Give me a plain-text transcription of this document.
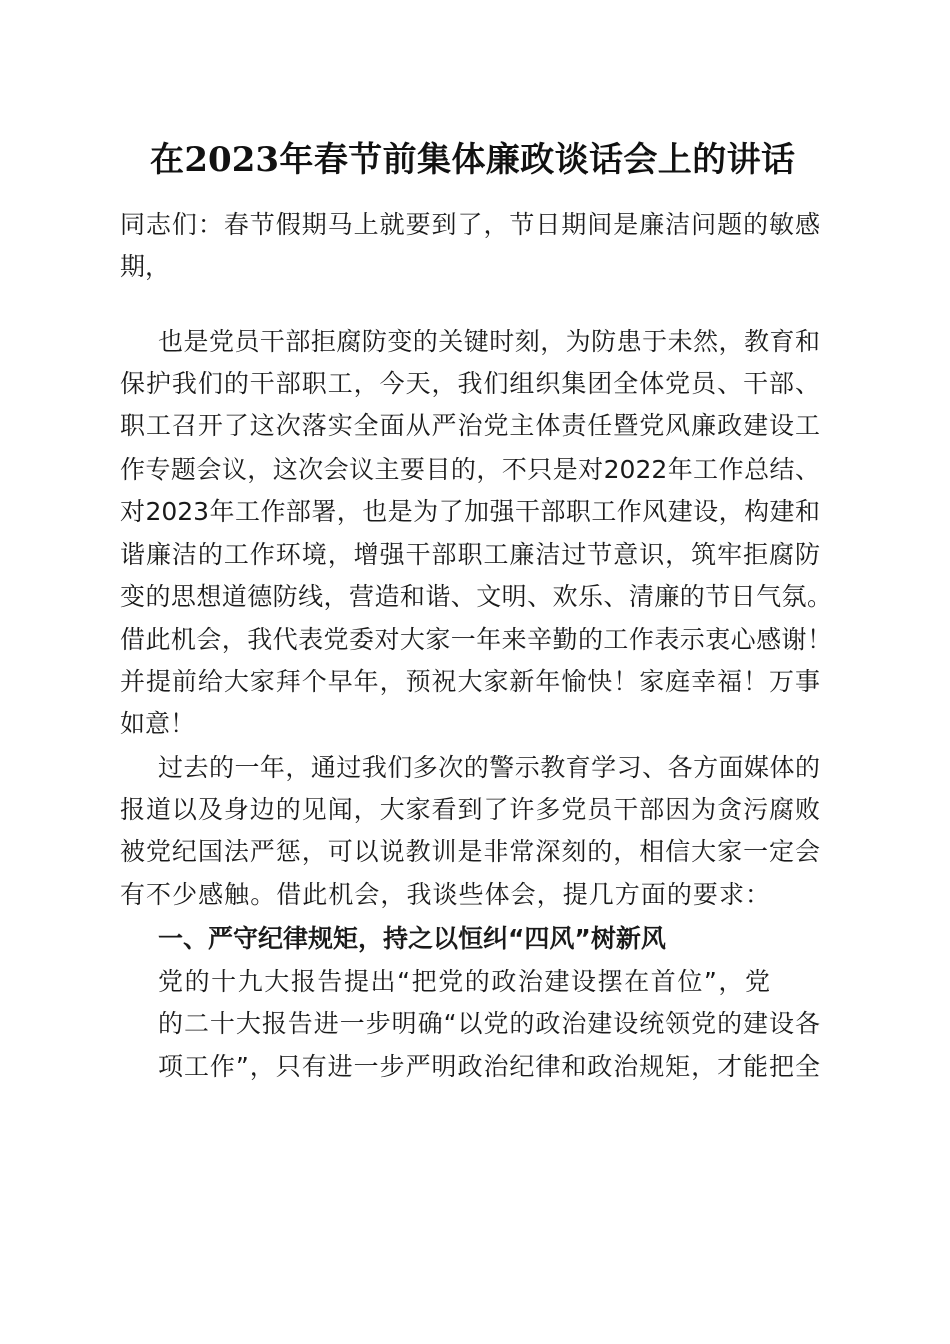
在2023年春节前集体廉政谈话会上的讲话
同志们：春节假期马上就要到了，节日期间是廉洁问题的敏感
期，
也是党员干部拒腐防变的关键时刻，为防患于未然，教育和
保护我们的干部职工，今天，我们组织集团全体党员、干部、
职工召开了这次落实全面从严治党主体责任暨党风廉政建设工
作专题会议，这次会议主要目的，不只是对2022年工作总结、
对2023年工作部署，也是为了加强干部职工作风建设，构建和
谐廉洁的工作环境，增强干部职工廉洁过节意识，筑牢拒腐防
变的思想道德防线，营造和谐、文明、欢乐、清廉的节日气氛。
借此机会，我代表党委对大家一年来辛勤的工作表示衷心感谢！
并提前给大家拜个早年，预祝大家新年愉快！家庭幸福！万事
如意！
过去的一年，通过我们多次的警示教育学习、各方面媒体的
报道以及身边的见闻，大家看到了许多党员干部因为贪污腐败
被党纪国法严惩，可以说教训是非常深刻的，相信大家一定会
有不少感触。借此机会，我谈些体会，提几方面的要求：
一、严守纪律规矩，持之以恒纠“四风”树新风
党的十九大报告提出“把党的政治建设摆在首位”，党
的二十大报告进一步明确“以党的政治建设统领党的建设各
项工作”，只有进一步严明政治纪律和政治规矩，才能把全
